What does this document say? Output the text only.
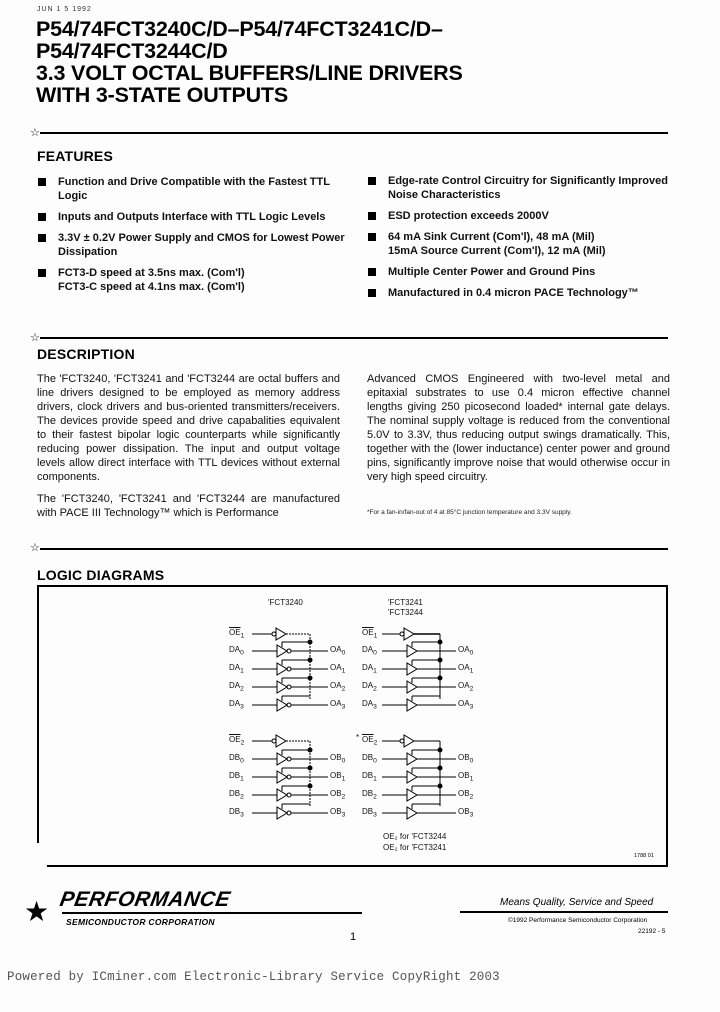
JUN 1 5 1992
P54/74FCT3240C/D–P54/74FCT3241C/D–
P54/74FCT3244C/D
3.3 VOLT OCTAL BUFFERS/LINE DRIVERS
WITH 3-STATE OUTPUTS
☆
FEATURES
Function and Drive Compatible with the Fastest TTL Logic
Inputs and Outputs Interface with TTL Logic Levels
3.3V ± 0.2V Power Supply and CMOS for Lowest Power Dissipation
FCT3-D speed at 3.5ns max. (Com'l)
FCT3-C speed at 4.1ns max. (Com'l)
Edge-rate Control Circuitry for Significantly Improved Noise Characteristics
ESD protection exceeds 2000V
64 mA Sink Current (Com'l), 48 mA (Mil)
15mA Source Current (Com'l), 12 mA (Mil)
Multiple Center Power and Ground Pins
Manufactured in 0.4 micron PACE Technology™
☆
DESCRIPTION

The 'FCT3240, 'FCT3241 and 'FCT3244 are octal buffers and line drivers designed to be employed as memory address drivers, clock drivers and bus-oriented transmitters/receivers. The devices provide speed and drive capabalities equivalent to their fastest bipolar logic counterparts while significantly reducing power dissipation. The input and output voltage levels allow direct interface with TTL devices without external components.

The 'FCT3240, 'FCT3241 and 'FCT3244 are manufactured with PACE III Technology™ which is Performance

Advanced CMOS Engineered with two-level metal and epitaxial substrates to use 0.4 micron effective channel lengths giving 250 picosecond loaded* internal gate delays. The nominal supply voltage is reduced from the conventional 5.0V to 3.3V, thus reducing output swings dramatically. This, together with the (lower inductance) center power and ground pins, significantly improve noise that would otherwise occur in very high speed circuitry.

*For a fan-in/fan-out of 4 at 85°C junction temperature and 3.3V supply.
☆
LOGIC DIAGRAMS
'FCT3240	'FCT3241
'FCT3244
$\overline{OE}_1$
$DA_0$
$DA_1$
$DA_2$
$DA_3$
$OA_0$
$OA_1$
$OA_2$
$OA_3$
$\overline{OE}_2$
$DB_0$
$DB_1$
$DB_2$
$DB_3$
$OB_0$
$OB_1$
$OB_2$
$OB_3$
$\overline{OE}_1$
$DA_0$
$DA_1$
$DA_2$
$DA_3$
$OA_0$
$OA_1$
$OA_2$
$OA_3$
* $\overline{OE}_2$
$DB_0$
$DB_1$
$DB_2$
$DB_3$
$OB_0$
$OB_1$
$OB_2$
$OB_3$
OE₂ for 'FCT3244
OE₂ for 'FCT3241
1788 01
★ PERFORMANCE
SEMICONDUCTOR CORPORATION
1
Means Quality, Service and Speed
©1992 Performance Semiconductor Corporation
22192 - 5
Powered by ICminer.com Electronic-Library Service CopyRight 2003
